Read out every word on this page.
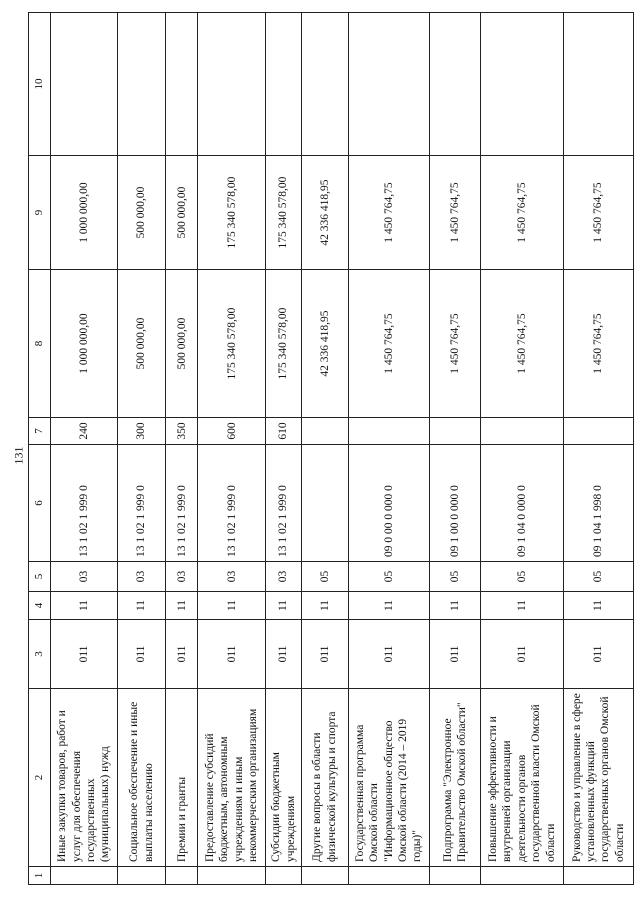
131
1	2	3	4	5	6	7	8	9	10
	Иные закупки товаров, работ и услуг для обеспечения государственных (муниципальных) нужд	011	11	03	13 1 02 1 999 0	240	1 000 000,00	1 000 000,00	
	Социальное обеспечение и иные выплаты населению	011	11	03	13 1 02 1 999 0	300	500 000,00	500 000,00	
	Премии и гранты	011	11	03	13 1 02 1 999 0	350	500 000,00	500 000,00	
	Предоставление субсидий бюджетным, автономным учреждениям и иным некоммерческим организациям	011	11	03	13 1 02 1 999 0	600	175 340 578,00	175 340 578,00	
	Субсидии бюджетным учреждениям	011	11	03	13 1 02 1 999 0	610	175 340 578,00	175 340 578,00	
	Другие вопросы в области физической культуры и спорта	011	11	05			42 336 418,95	42 336 418,95	
	Государственная программа Омской области "Информационное общество Омской области (2014 – 2019 годы)"	011	11	05	09 0 00 0 000 0		1 450 764,75	1 450 764,75	
	Подпрограмма "Электронное Правительство Омской области"	011	11	05	09 1 00 0 000 0		1 450 764,75	1 450 764,75	
	Повышение эффективности и внутренней организации деятельности органов государственной власти Омской области	011	11	05	09 1 04 0 000 0		1 450 764,75	1 450 764,75	
	Руководство и управление в сфере установленных функций государственных органов Омской области	011	11	05	09 1 04 1 998 0		1 450 764,75	1 450 764,75	
